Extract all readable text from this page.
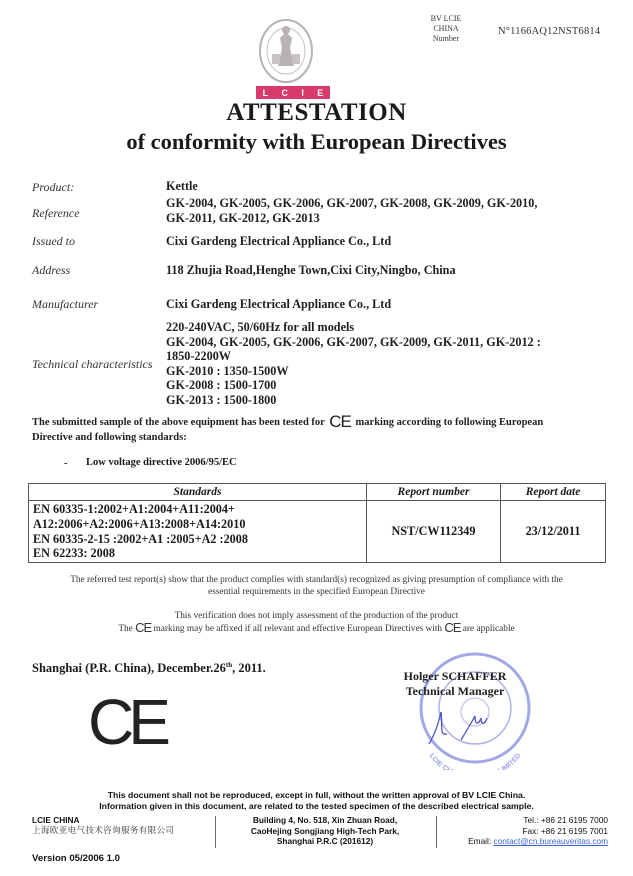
L C I E
BV LCIE
CHINA
Number
N°1166AQ12NST6814
ATTESTATION
of conformity with European Directives
Product:	Kettle
Reference
GK-2004, GK-2005, GK-2006, GK-2007, GK-2008, GK-2009, GK-2010,
GK-2011, GK-2012, GK-2013
Issued to	Cixi Gardeng Electrical Appliance Co., Ltd
Address	118 Zhujia Road,Henghe Town,Cixi City,Ningbo, China
Manufacturer	Cixi Gardeng Electrical Appliance Co., Ltd
Technical characteristics
220-240VAC, 50/60Hz for all models
GK-2004, GK-2005, GK-2006, GK-2007, GK-2009, GK-2011, GK-2012 :
1850-2200W
GK-2010 : 1350-1500W
GK-2008 : 1500-1700
GK-2013 : 1500-1800
The submitted sample of the above equipment has been tested for CE marking according to following European
Directive and following standards:
- Low voltage directive 2006/95/EC
Standards	Report number	Report date

EN 60335-1:2002+A1:2004+A11:2004+
A12:2006+A2:2006+A13:2008+A14:2010
EN 60335-2-15 :2002+A1 :2005+A2 :2008
EN 62233: 2008	NST/CW112349	23/12/2011
The referred test report(s) show that the product complies with standard(s) recognized as giving presumption of compliance with the
essential requirements in the specified European Directive
This verification does not imply assessment of the production of the product
The CE marking may be affixed if all relevant and effective European Directives with CE are applicable
Shanghai (P.R. China), December.26th, 2011.
CE	LCIE C IMITED
Holger SCHAFFER
Technical Manager
This document shall not be reproduced, except in full, without the written approval of BV LCIE China.
Information given in this document, are related to the tested specimen of the described electrical sample.
LCIE CHINA
上海欧亚电气技术咨询服务有限公司
Building 4, No. 518, Xin Zhuan Road,
CaoHejing Songjiang High-Tech Park,
Shanghai P.R.C (201612)
Tel.: +86 21 6195 7000
Fax: +86 21 6195 7001
Email: contact@cn.bureauveritas.com
Version 05/2006 1.0
